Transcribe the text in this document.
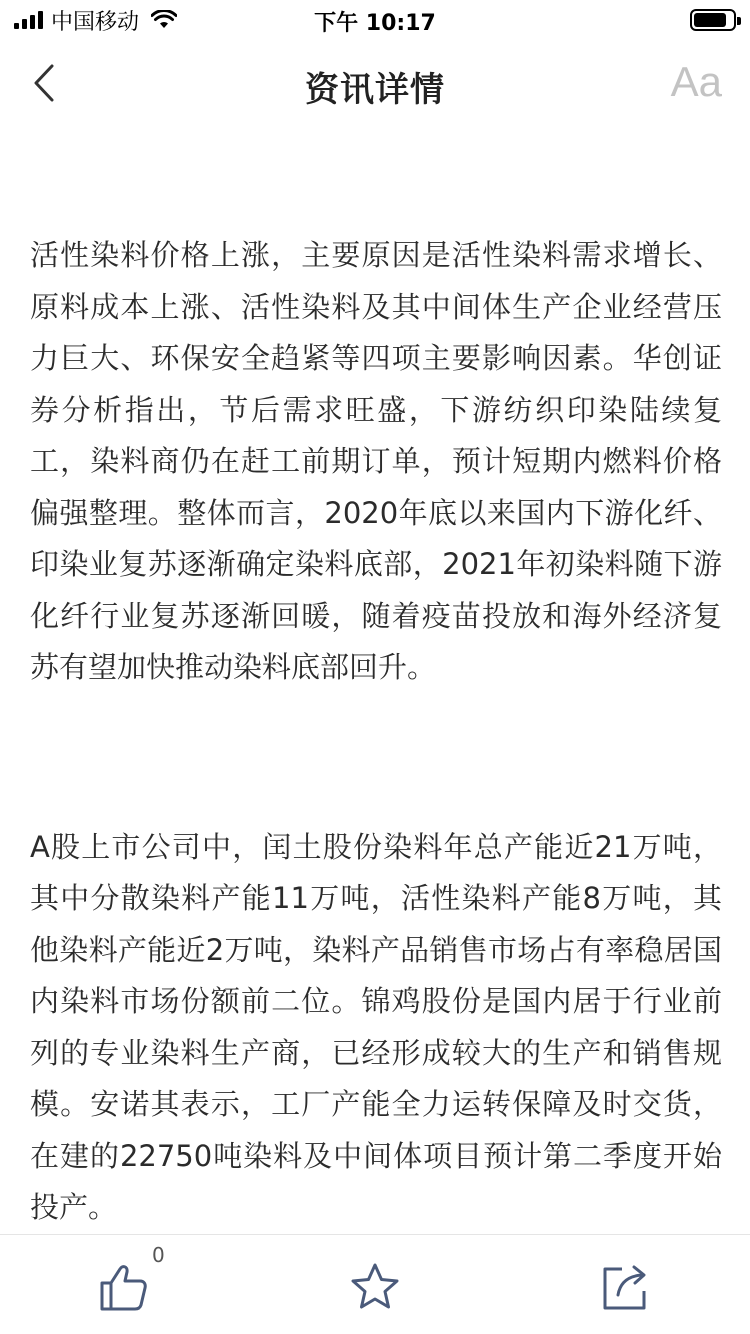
中国移动	下午 10:17
资讯详情	Aa

活性染料价格上涨，主要原因是活性染料需求增长、原料成本上涨、活性染料及其中间体生产企业经营压力巨大、环保安全趋紧等四项主要影响因素。华创证券分析指出，节后需求旺盛，下游纺织印染陆续复工，染料商仍在赶工前期订单，预计短期内燃料价格偏强整理。整体而言，2020年底以来国内下游化纤、印染业复苏逐渐确定染料底部，2021年初染料随下游化纤行业复苏逐渐回暖，随着疫苗投放和海外经济复苏有望加快推动染料底部回升。

A股上市公司中，闰土股份染料年总产能近21万吨，其中分散染料产能11万吨，活性染料产能8万吨，其他染料产能近2万吨，染料产品销售市场占有率稳居国内染料市场份额前二位。锦鸡股份是国内居于行业前列的专业染料生产商，已经形成较大的生产和销售规模。安诺其表示，工厂产能全力运转保障及时交货，在建的22750吨染料及中间体项目预计第二季度开始投产。

0
